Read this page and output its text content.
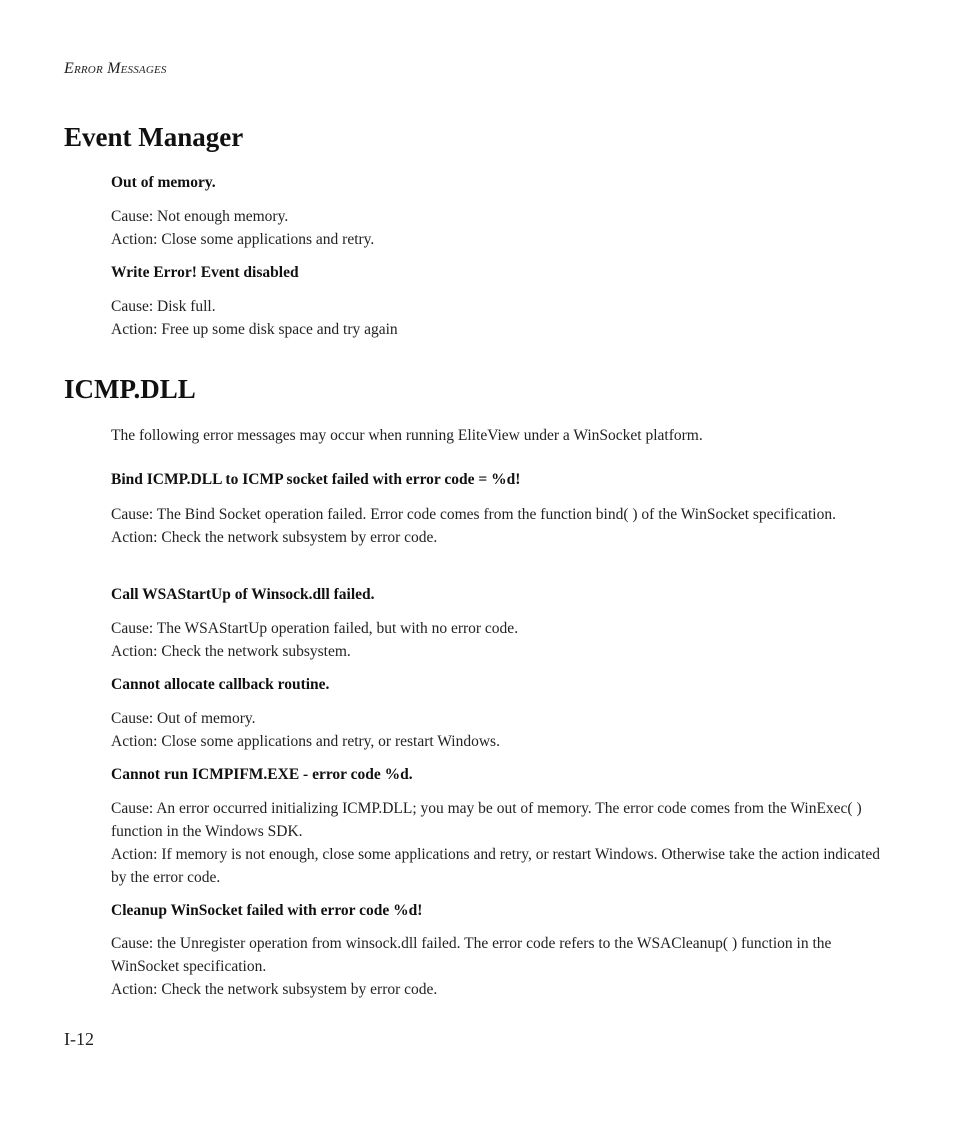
Error Messages

Event Manager

Out of memory.

Cause: Not enough memory.

Action: Close some applications and retry.

Write Error! Event disabled

Cause: Disk full.

Action: Free up some disk space and try again

ICMP.DLL

The following error messages may occur when running EliteView under a WinSocket platform.

Bind ICMP.DLL to ICMP socket failed with error code = %d!

Cause: The Bind Socket operation failed. Error code comes from the function bind( ) of the WinSocket specification.

Action: Check the network subsystem by error code.

Call WSAStartUp of Winsock.dll failed.

Cause: The WSAStartUp operation failed, but with no error code.

Action: Check the network subsystem.

Cannot allocate callback routine.

Cause: Out of memory.

Action: Close some applications and retry, or restart Windows.

Cannot run ICMPIFM.EXE - error code %d.

Cause: An error occurred initializing ICMP.DLL; you may be out of memory. The error code comes from the WinExec( ) function in the Windows SDK.

Action: If memory is not enough, close some applications and retry, or restart Windows. Otherwise take the action indicated by the error code.

Cleanup WinSocket failed with error code %d!

Cause: the Unregister operation from winsock.dll failed. The error code refers to the WSACleanup( ) function in the WinSocket specification.

Action: Check the network subsystem by error code.

I-12
